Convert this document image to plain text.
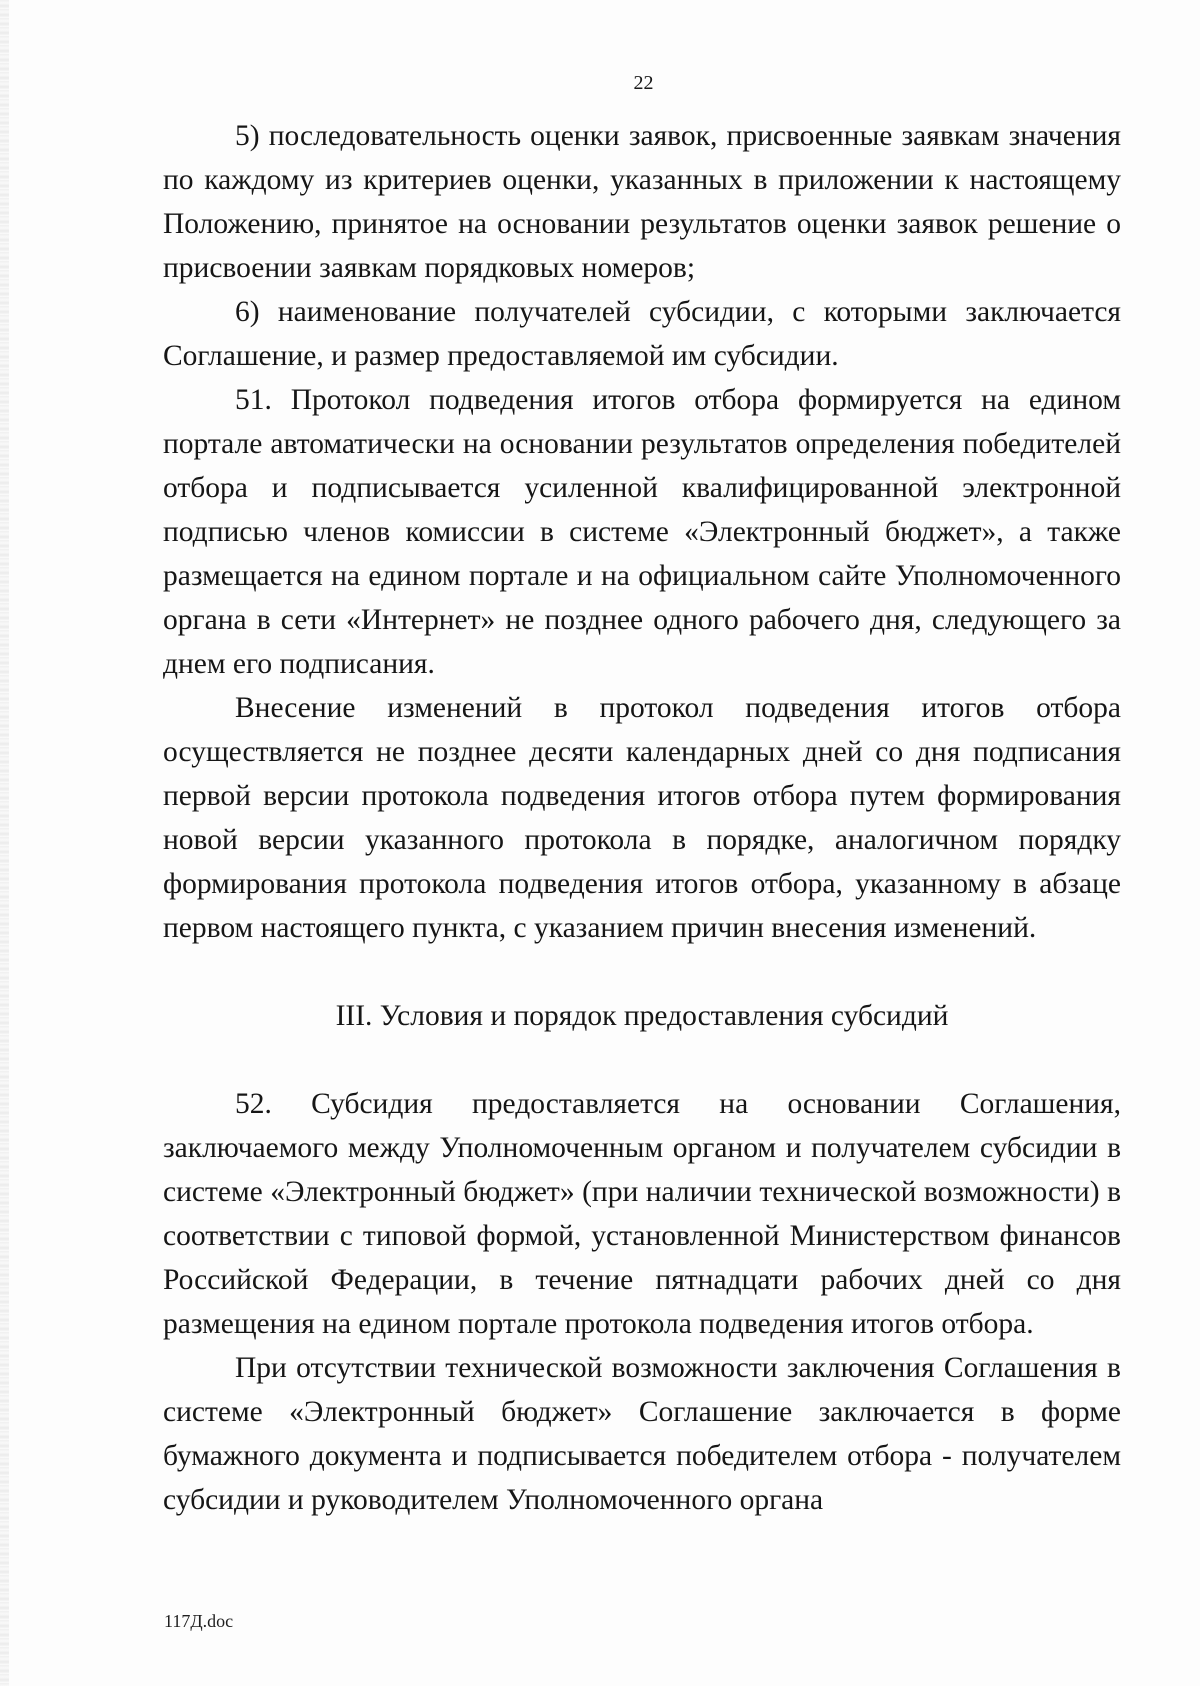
22

5) последовательность оценки заявок, присвоенные заявкам значения по каждому из критериев оценки, указанных в приложении к настоящему Положению, принятое на основании результатов оценки заявок решение о присвоении заявкам порядковых номеров;

6) наименование получателей субсидии, с которыми заключается Соглашение, и размер предоставляемой им субсидии.

51. Протокол подведения итогов отбора формируется на едином портале автоматически на основании результатов определения победителей отбора и подписывается усиленной квалифицированной электронной подписью членов комиссии в системе «Электронный бюджет», а также размещается на едином портале и на официальном сайте Уполномоченного органа в сети «Интернет» не позднее одного рабочего дня, следующего за днем его подписания.

Внесение изменений в протокол подведения итогов отбора осуществляется не позднее десяти календарных дней со дня подписания первой версии протокола подведения итогов отбора путем формирования новой версии указанного протокола в порядке, аналогичном порядку формирования протокола подведения итогов отбора, указанному в абзаце первом настоящего пункта, с указанием причин внесения изменений.

III. Условия и порядок предоставления субсидий

52. Субсидия предоставляется на основании Соглашения, заключаемого между Уполномоченным органом и получателем субсидии в системе «Электронный бюджет» (при наличии технической возможности) в соответствии с типовой формой, установленной Министерством финансов Российской Федерации, в течение пятнадцати рабочих дней со дня размещения на едином портале протокола подведения итогов отбора.

При отсутствии технической возможности заключения Соглашения в системе «Электронный бюджет» Соглашение заключается в форме бумажного документа и подписывается победителем отбора - получателем субсидии и руководителем Уполномоченного органа

117Д.doc
